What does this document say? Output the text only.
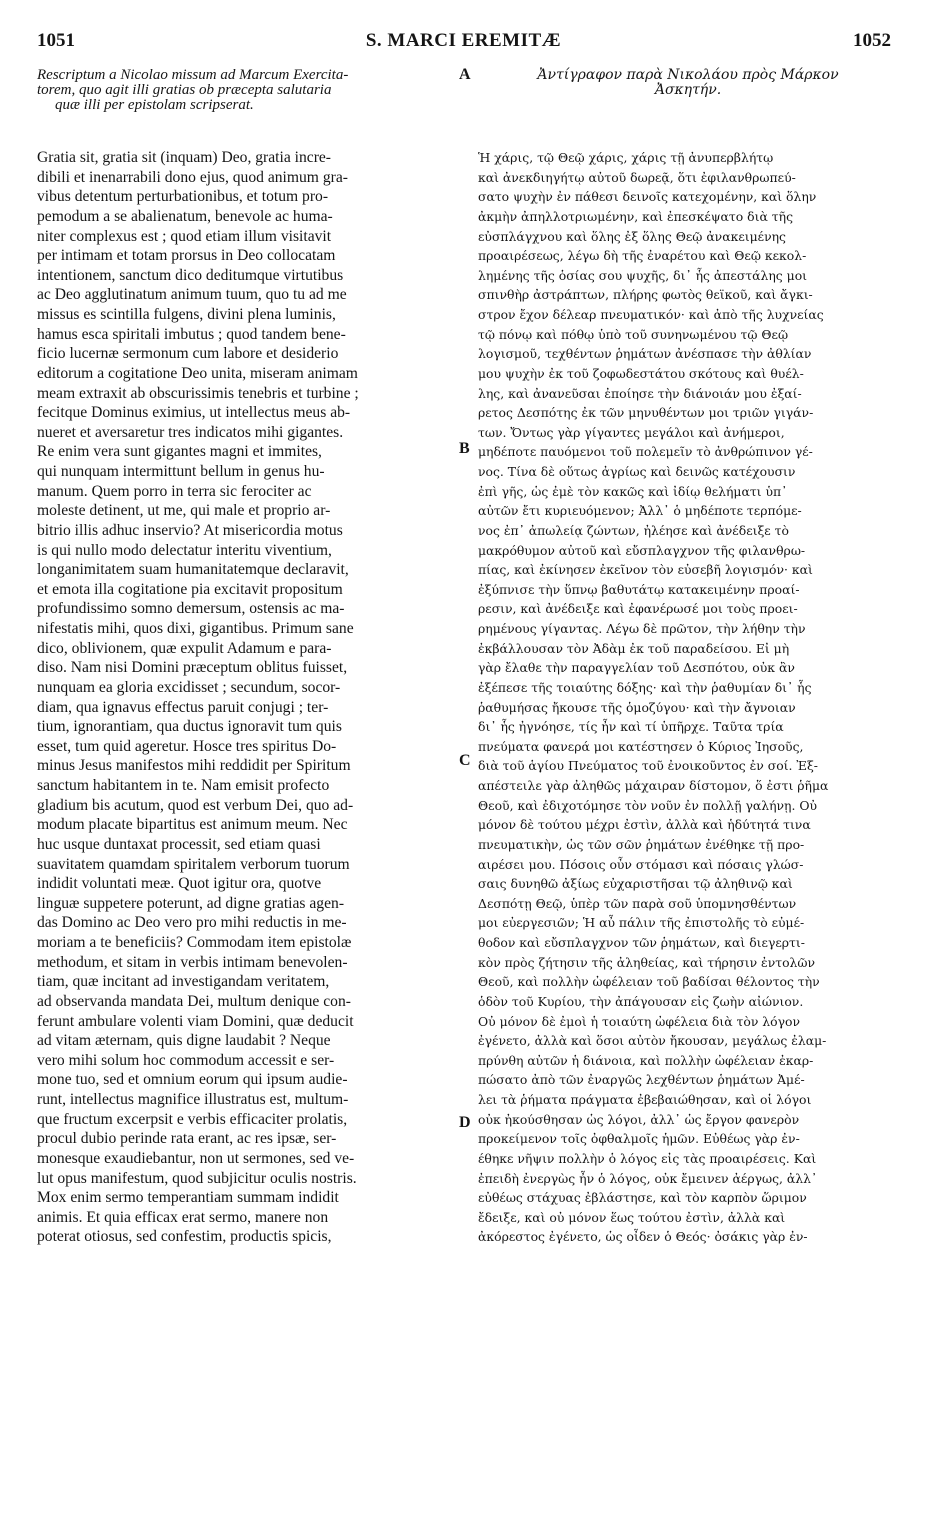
1051	S. MARCI EREMITÆ	1052
Rescriptum a Nicolao missum ad Marcum Exercita-
torem, quo agit illi gratias ob præcepta salutaria
quæ illi per epistolam scripserat.
Ἀντίγραφον παρὰ Νικολάου πρὸς Μάρκον
Ἀσκητήν.
A
B
C
D
Gratia sit, gratia sit (inquam) Deo, gratia incre-
dibili et inenarrabili dono ejus, quod animum gra-
vibus detentum perturbationibus, et totum pro-
pemodum a se abalienatum, benevole ac huma-
niter complexus est ; quod etiam illum visitavit
per intimam et totam prorsus in Deo collocatam
intentionem, sanctum dico deditumque virtutibus
ac Deo agglutinatum animum tuum, quo tu ad me
missus es scintilla fulgens, divini plena luminis,
hamus esca spiritali imbutus ; quod tandem bene-
ficio lucernæ sermonum cum labore et desiderio
editorum a cogitatione Deo unita, miseram animam
meam extraxit ab obscurissimis tenebris et turbine ;
fecitque Dominus eximius, ut intellectus meus ab-
nueret et aversaretur tres indicatos mihi gigantes.
Re enim vera sunt gigantes magni et immites,
qui nunquam intermittunt bellum in genus hu-
manum. Quem porro in terra sic ferociter ac
moleste detinent, ut me, qui male et proprio ar-
bitrio illis adhuc inservio? At misericordia motus
is qui nullo modo delectatur interitu viventium,
longanimitatem suam humanitatemque declaravit,
et emota illa cogitatione pia excitavit propositum
profundissimo somno demersum, ostensis ac ma-
nifestatis mihi, quos dixi, gigantibus. Primum sane
dico, oblivionem, quæ expulit Adamum e para-
diso. Nam nisi Domini præceptum oblitus fuisset,
nunquam ea gloria excidisset ; secundum, socor-
diam, qua ignavus effectus paruit conjugi ; ter-
tium, ignorantiam, qua ductus ignoravit tum quis
esset, tum quid ageretur. Hosce tres spiritus Do-
minus Jesus manifestos mihi reddidit per Spiritum
sanctum habitantem in te. Nam emisit profecto
gladium bis acutum, quod est verbum Dei, quo ad-
modum placate bipartitus est animum meum. Nec
huc usque duntaxat processit, sed etiam quasi
suavitatem quamdam spiritalem verborum tuorum
indidit voluntati meæ. Quot igitur ora, quotve
linguæ suppetere poterunt, ad digne gratias agen-
das Domino ac Deo vero pro mihi reductis in me-
moriam a te beneficiis? Commodam item epistolæ
methodum, et sitam in verbis intimam benevolen-
tiam, quæ incitant ad investigandam veritatem,
ad observanda mandata Dei, multum denique con-
ferunt ambulare volenti viam Domini, quæ deducit
ad vitam æternam, quis digne laudabit ? Neque
vero mihi solum hoc commodum accessit e ser-
mone tuo, sed et omnium eorum qui ipsum audie-
runt, intellectus magnifice illustratus est, multum-
que fructum excerpsit e verbis efficaciter prolatis,
procul dubio perinde rata erant, ac res ipsæ, ser-
monesque exaudiebantur, non ut sermones, sed ve-
lut opus manifestum, quod subjicitur oculis nostris.
Mox enim sermo temperantiam summam indidit
animis. Et quia efficax erat sermo, manere non
poterat otiosus, sed confestim, productis spicis,
Ἡ χάρις, τῷ Θεῷ χάρις, χάρις τῇ ἀνυπερβλήτῳ
καὶ ἀνεκδιηγήτῳ αὐτοῦ δωρεᾷ, ὅτι ἐφιλανθρωπεύ-
σατο ψυχὴν ἐν πάθεσι δεινοῖς κατεχομένην, καὶ ὅλην
ἀκμὴν ἀπηλλοτριωμένην, καὶ ἐπεσκέψατο διὰ τῆς
εὐσπλάγχνου καὶ ὅλης ἐξ ὅλης Θεῷ ἀνακειμένης
προαιρέσεως, λέγω δὴ τῆς ἐναρέτου καὶ Θεῷ κεκολ-
λημένης τῆς ὁσίας σου ψυχῆς, δι᾽ ἧς ἀπεστάλης μοι
σπινθὴρ ἀστράπτων, πλήρης φωτὸς θεϊκοῦ, καὶ ἄγκι-
στρον ἔχον δέλεαρ πνευματικόν· καὶ ἀπὸ τῆς λυχνείας
τῷ πόνῳ καὶ πόθῳ ὑπὸ τοῦ συνηνωμένου τῷ Θεῷ
λογισμοῦ, τεχθέντων ῥημάτων ἀνέσπασε τὴν ἀθλίαν
μου ψυχὴν ἐκ τοῦ ζοφωδεστάτου σκότους καὶ θυέλ-
λης, καὶ ἀνανεῦσαι ἐποίησε τὴν διάνοιάν μου ἐξαί-
ρετος Δεσπότης ἐκ τῶν μηνυθέντων μοι τριῶν γιγάν-
των. Ὄντως γὰρ γίγαντες μεγάλοι καὶ ἀνήμεροι,
μηδέποτε παυόμενοι τοῦ πολεμεῖν τὸ ἀνθρώπινον γέ-
νος. Τίνα δὲ οὕτως ἀγρίως καὶ δεινῶς κατέχουσιν
ἐπὶ γῆς, ὡς ἐμὲ τὸν κακῶς καὶ ἰδίῳ θελήματι ὑπ᾽
αὐτῶν ἔτι κυριευόμενον; Ἀλλ᾽ ὁ μηδέποτε τερπόμε-
νος ἐπ᾽ ἀπωλείᾳ ζώντων, ἠλέησε καὶ ἀνέδειξε τὸ
μακρόθυμον αὐτοῦ καὶ εὔσπλαγχνον τῆς φιλανθρω-
πίας, καὶ ἐκίνησεν ἐκεῖνον τὸν εὐσεβῆ λογισμόν· καὶ
ἐξύπνισε τὴν ὕπνῳ βαθυτάτῳ κατακειμένην προαί-
ρεσιν, καὶ ἀνέδειξε καὶ ἐφανέρωσέ μοι τοὺς προει-
ρημένους γίγαντας. Λέγω δὲ πρῶτον, τὴν λήθην τὴν
ἐκβάλλουσαν τὸν Ἀδὰμ ἐκ τοῦ παραδείσου. Εἰ μὴ
γὰρ ἔλαθε τὴν παραγγελίαν τοῦ Δεσπότου, οὐκ ἂν
ἐξέπεσε τῆς τοιαύτης δόξης· καὶ τὴν ῥαθυμίαν δι᾽ ἧς
ῥαθυμήσας ἤκουσε τῆς ὁμοζύγου· καὶ τὴν ἄγνοιαν
δι᾽ ἧς ἠγνόησε, τίς ἦν καὶ τί ὑπῆρχε. Ταῦτα τρία
πνεύματα φανερά μοι κατέστησεν ὁ Κύριος Ἰησοῦς,
διὰ τοῦ ἁγίου Πνεύματος τοῦ ἐνοικοῦντος ἐν σοί. Ἐξ-
απέστειλε γὰρ ἀληθῶς μάχαιραν δίστομον, ὅ ἐστι ῥῆμα
Θεοῦ, καὶ ἐδιχοτόμησε τὸν νοῦν ἐν πολλῇ γαλήνῃ. Οὐ
μόνον δὲ τούτου μέχρι ἐστὶν, ἀλλὰ καὶ ἡδύτητά τινα
πνευματικὴν, ὡς τῶν σῶν ῥημάτων ἐνέθηκε τῇ προ-
αιρέσει μου. Πόσοις οὖν στόμασι καὶ πόσαις γλώσ-
σαις δυνηθῶ ἀξίως εὐχαριστῆσαι τῷ ἀληθινῷ καὶ
Δεσπότῃ Θεῷ, ὑπὲρ τῶν παρὰ σοῦ ὑπομνησθέντων
μοι εὐεργεσιῶν; Ἡ αὖ πάλιν τῆς ἐπιστολῆς τὸ εὐμέ-
θοδον καὶ εὔσπλαγχνον τῶν ῥημάτων, καὶ διεγερτι-
κὸν πρὸς ζήτησιν τῆς ἀληθείας, καὶ τήρησιν ἐντολῶν
Θεοῦ, καὶ πολλὴν ὠφέλειαν τοῦ βαδίσαι θέλοντος τὴν
ὁδὸν τοῦ Κυρίου, τὴν ἀπάγουσαν εἰς ζωὴν αἰώνιον.
Οὐ μόνον δὲ ἐμοὶ ἡ τοιαύτη ὠφέλεια διὰ τὸν λόγον
ἐγένετο, ἀλλὰ καὶ ὅσοι αὐτὸν ἤκουσαν, μεγάλως ἐλαμ-
πρύνθη αὐτῶν ἡ διάνοια, καὶ πολλὴν ὠφέλειαν ἐκαρ-
πώσατο ἀπὸ τῶν ἐναργῶς λεχθέντων ῥημάτων Ἀμέ-
λει τὰ ῥήματα πράγματα ἐβεβαιώθησαν, καὶ οἱ λόγοι
οὐκ ἠκούσθησαν ὡς λόγοι, ἀλλ᾽ ὡς ἔργον φανερὸν
προκείμενον τοῖς ὀφθαλμοῖς ἡμῶν. Εὐθέως γὰρ ἐν-
έθηκε νῆψιν πολλὴν ὁ λόγος εἰς τὰς προαιρέσεις. Καὶ
ἐπειδὴ ἐνεργὼς ἦν ὁ λόγος, οὐκ ἔμεινεν ἀέργως, ἀλλ᾽
εὐθέως στάχυας ἐβλάστησε, καὶ τὸν καρπὸν ὥριμον
ἔδειξε, καὶ οὐ μόνον ἕως τούτου ἐστὶν, ἀλλὰ καὶ
ἀκόρεστος ἐγένετο, ὡς οἶδεν ὁ Θεός· ὀσάκις γὰρ ἐν-
